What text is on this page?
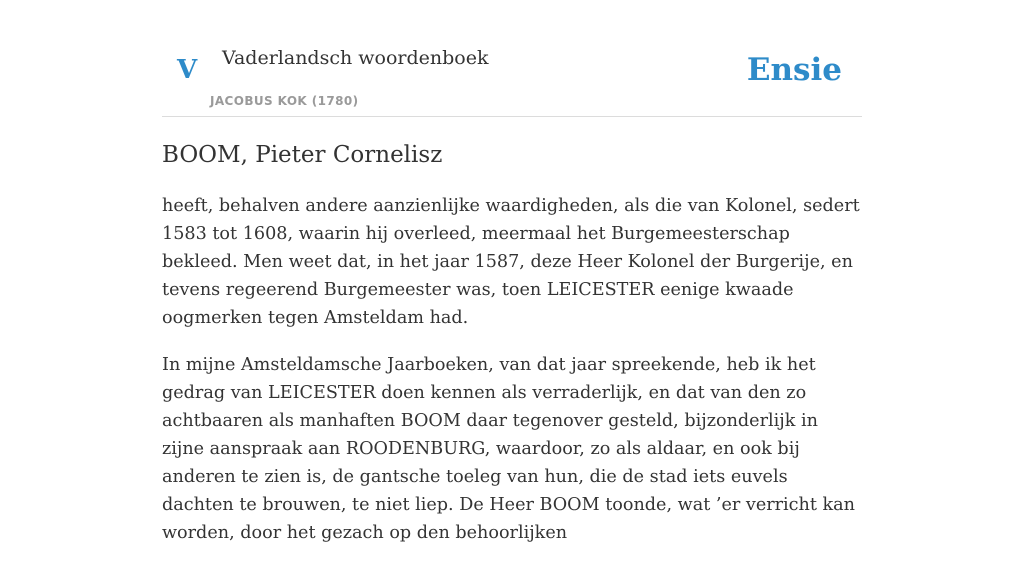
V Vaderlandsch woordenboek
JACOBUS KOK (1780)
Ensie
BOOM, Pieter Cornelisz

heeft, behalven andere aanzienlijke waardigheden, als die van Kolonel, sedert 1583 tot 1608, waarin hij overleed, meermaal het Burgemeesterschap bekleed. Men weet dat, in het jaar 1587, deze Heer Kolonel der Burgerije, en tevens regeerend Burgemeester was, toen LEICESTER eenige kwaade oogmerken tegen Amsteldam had.

In mijne Amsteldamsche Jaarboeken, van dat jaar spreekende, heb ik het gedrag van LEICESTER doen kennen als verraderlijk, en dat van den zo achtbaaren als manhaften BOOM daar tegenover gesteld, bijzonderlijk in zijne aanspraak aan ROODENBURG, waardoor, zo als aldaar, en ook bij anderen te zien is, de gantsche toeleg van hun, die de stad iets euvels dachten te brouwen, te niet liep. De Heer BOOM toonde, wat ’er verricht kan worden, door het gezach op den behoorlijken
